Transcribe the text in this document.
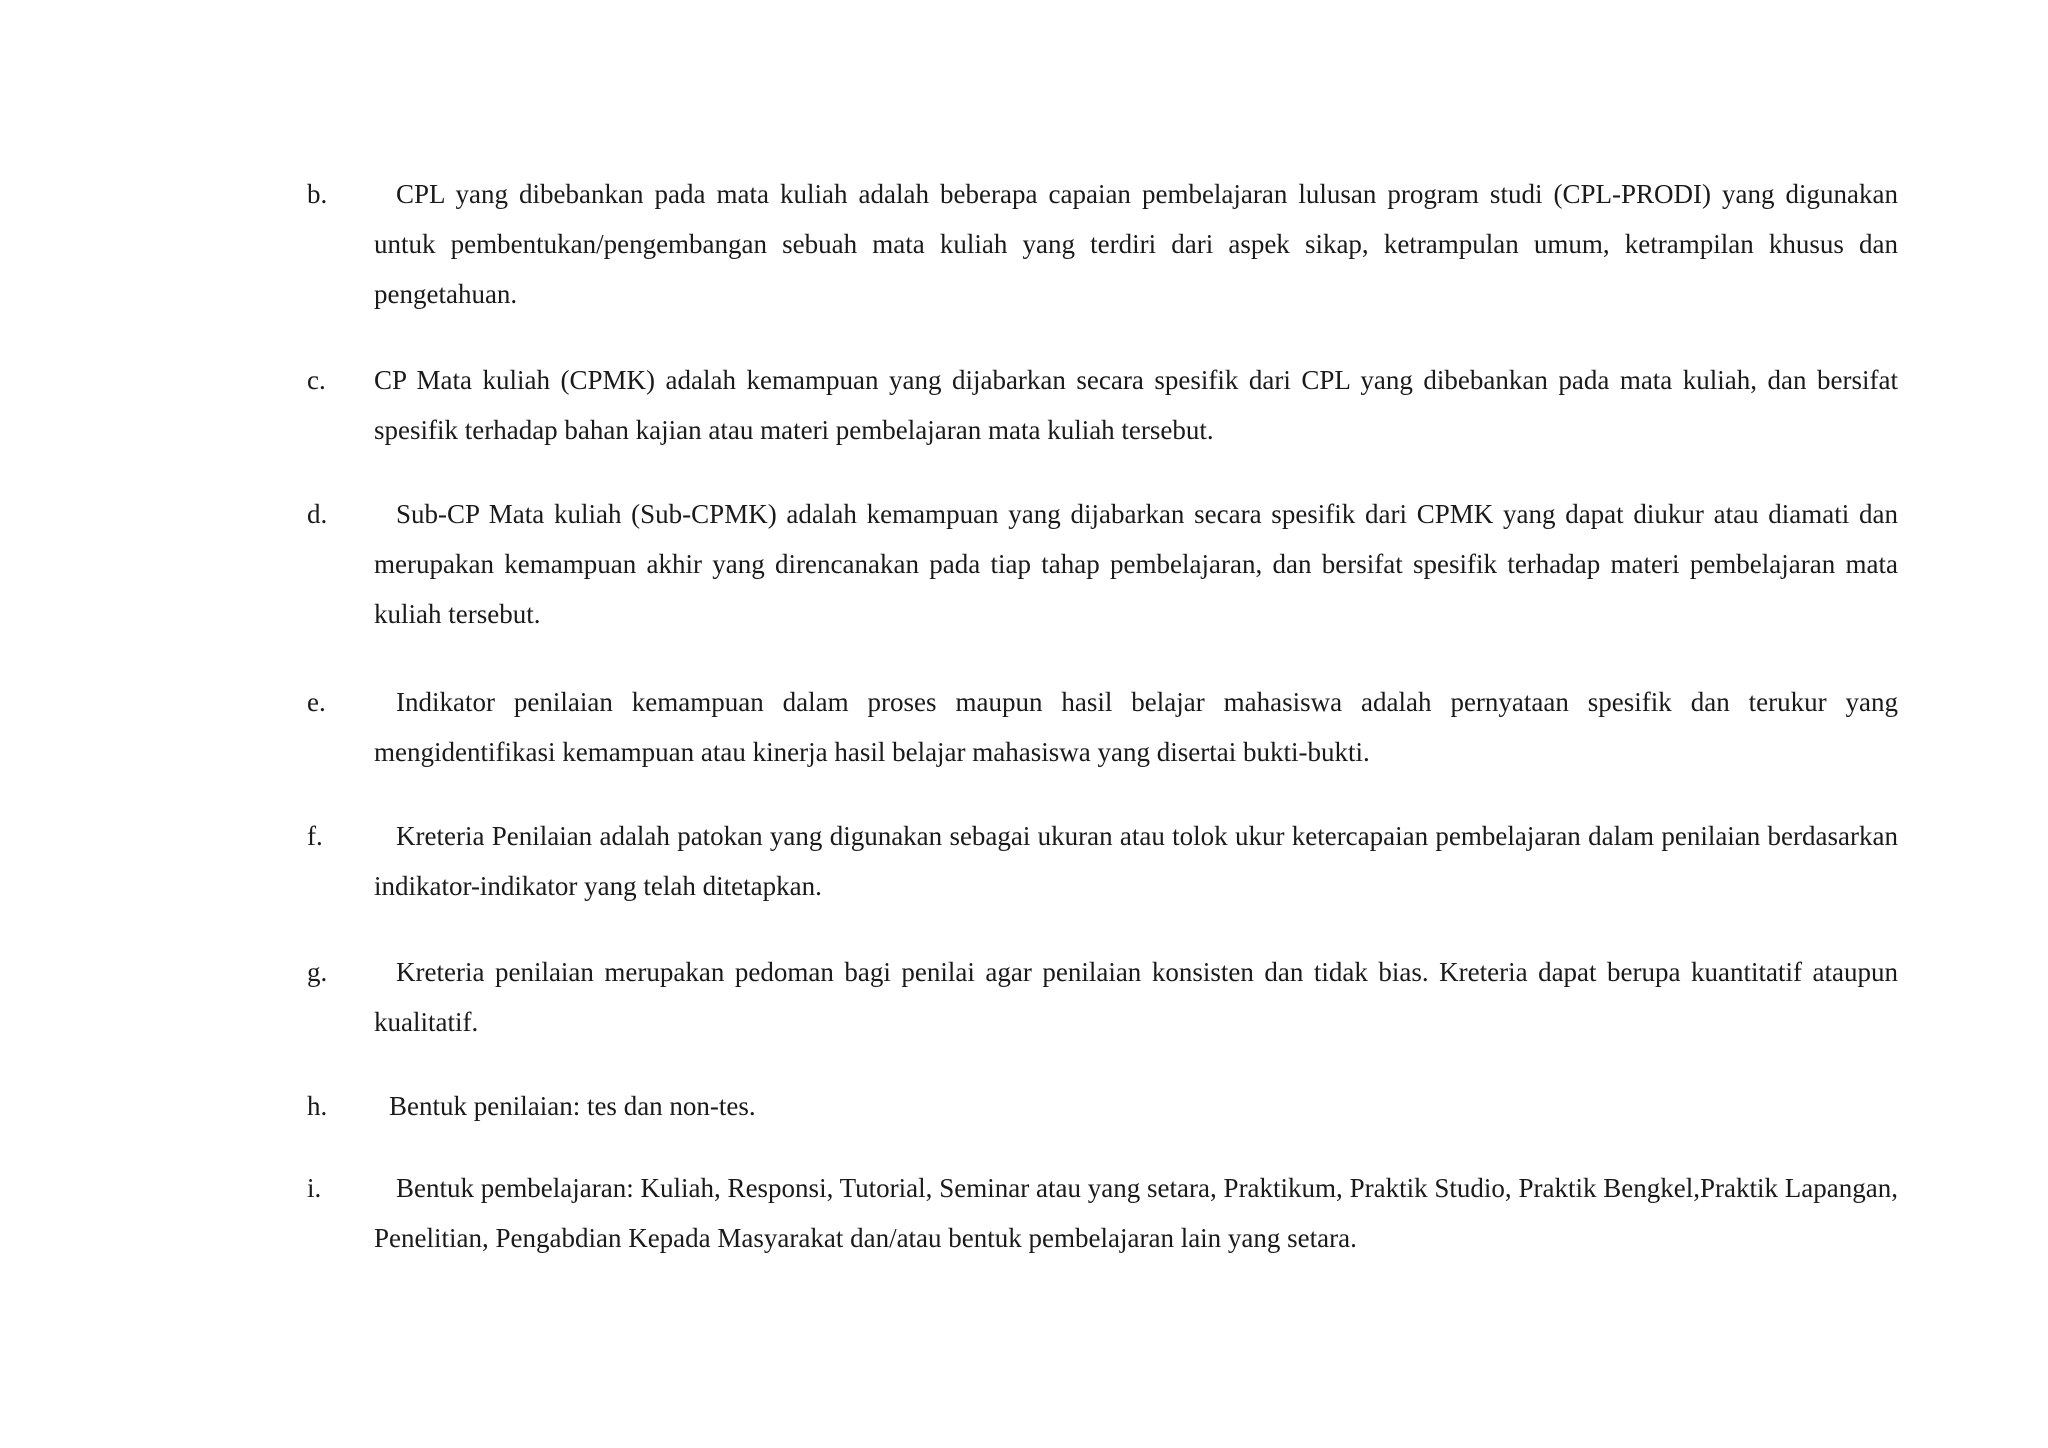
b.	CPL yang dibebankan pada mata kuliah adalah beberapa capaian pembelajaran lulusan program studi (CPL-PRODI) yang digunakan untuk pembentukan/pengembangan sebuah mata kuliah yang terdiri dari aspek sikap, ketrampulan umum, ketrampilan khusus dan pengetahuan.

c. CP Mata kuliah (CPMK) adalah kemampuan yang dijabarkan secara spesifik dari CPL yang dibebankan pada mata kuliah, dan bersifat spesifik terhadap bahan kajian atau materi pembelajaran mata kuliah tersebut.

d.	Sub-CP Mata kuliah (Sub-CPMK) adalah kemampuan yang dijabarkan secara spesifik dari CPMK yang dapat diukur atau diamati dan merupakan kemampuan akhir yang direncanakan pada tiap tahap pembelajaran, dan bersifat spesifik terhadap materi pembelajaran mata kuliah tersebut.

e.	Indikator penilaian kemampuan dalam proses maupun hasil belajar mahasiswa adalah pernyataan spesifik dan terukur yang mengidentifikasi kemampuan atau kinerja hasil belajar mahasiswa yang disertai bukti-bukti.

f.	Kreteria Penilaian adalah patokan yang digunakan sebagai ukuran atau tolok ukur ketercapaian pembelajaran dalam penilaian berdasarkan indikator-indikator yang telah ditetapkan.

g.	Kreteria penilaian merupakan pedoman bagi penilai agar penilaian konsisten dan tidak bias. Kreteria dapat berupa kuantitatif ataupun kualitatif.

h.	Bentuk penilaian: tes dan non-tes.

i.	Bentuk pembelajaran: Kuliah, Responsi, Tutorial, Seminar atau yang setara, Praktikum, Praktik Studio, Praktik Bengkel,Praktik Lapangan, Penelitian, Pengabdian Kepada Masyarakat dan/atau bentuk pembelajaran lain yang setara.
